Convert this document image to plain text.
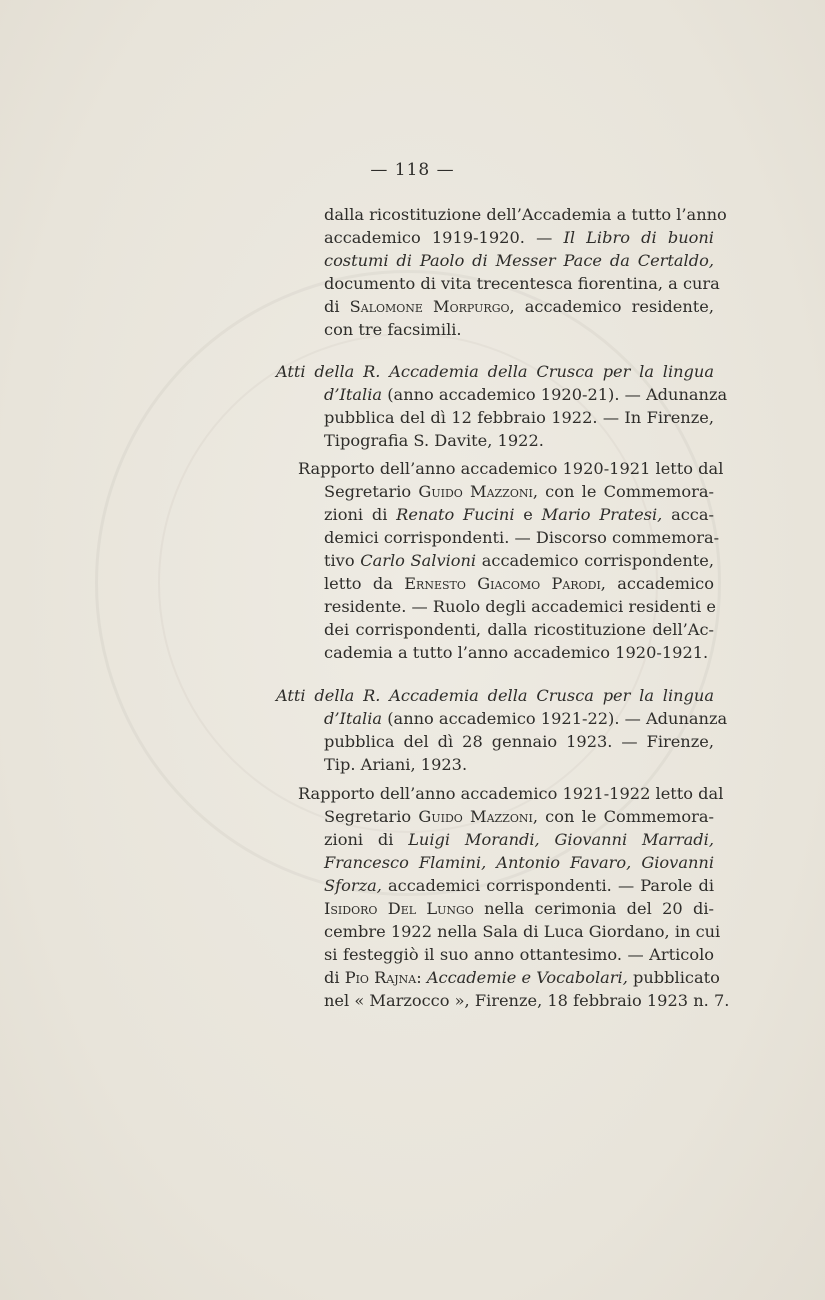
— 118 —
dalla ricostituzione dell’Accademia a tutto l’anno
accademico 1919-1920. — Il Libro di buoni
costumi di Paolo di Messer Pace da Certaldo,
documento di vita trecentesca fiorentina, a cura
di Salomone Morpurgo, accademico residente,
con tre facsimili.
Atti della R. Accademia della Crusca per la lingua
d’Italia (anno accademico 1920-21). — Adunanza
pubblica del dì 12 febbraio 1922. — In Firenze,
Tipografia S. Davite, 1922.
Rapporto dell’anno accademico 1920-1921 letto dal
Segretario Guido Mazzoni, con le Commemora-
zioni di Renato Fucini e Mario Pratesi, acca-
demici corrispondenti. — Discorso commemora-
tivo Carlo Salvioni accademico corrispondente,
letto da Ernesto Giacomo Parodi, accademico
residente. — Ruolo degli accademici residenti e
dei corrispondenti, dalla ricostituzione dell’Ac-
cademia a tutto l’anno accademico 1920-1921.
Atti della R. Accademia della Crusca per la lingua
d’Italia (anno accademico 1921-22). — Adunanza
pubblica del dì 28 gennaio 1923. — Firenze,
Tip. Ariani, 1923.
Rapporto dell’anno accademico 1921-1922 letto dal
Segretario Guido Mazzoni, con le Commemora-
zioni di Luigi Morandi, Giovanni Marradi,
Francesco Flamini, Antonio Favaro, Giovanni
Sforza, accademici corrispondenti. — Parole di
Isidoro Del Lungo nella cerimonia del 20 di-
cembre 1922 nella Sala di Luca Giordano, in cui
si festeggiò il suo anno ottantesimo. — Articolo
di Pio Rajna: Accademie e Vocabolari, pubblicato
nel « Marzocco », Firenze, 18 febbraio 1923 n. 7.
